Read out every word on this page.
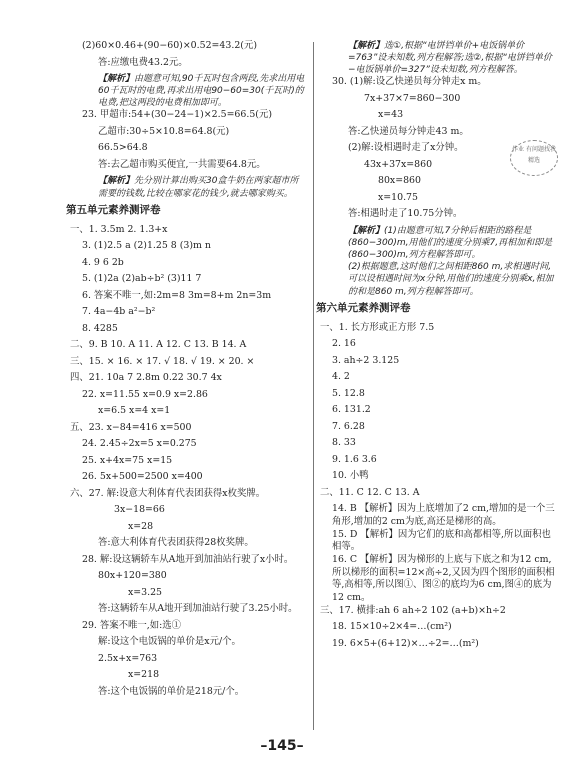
(2)60×0.46+(90−60)×0.52=43.2(元)
答:应缴电费43.2元。
【解析】由题意可知,90千瓦时包含两段,先求出用电60千瓦时的电费,再求出用电90−60=30(千瓦时)的电费,把这两段的电费相加即可。
23. 甲超市:54+(30−24−1)×2.5=66.5(元)
乙超市:30÷5×10.8=64.8(元)
66.5>64.8
答:去乙超市购买便宜,一共需要64.8元。
【解析】先分别计算出购买30盒牛奶在两家超市所需要的钱数,比较在哪家花的钱少,就去哪家购买。
第五单元素养测评卷
一、1. 3.5m 2. 1.3+x
3. (1)2.5 a (2)1.25 8 (3)m n
4. 9 6 2b
5. (1)2a (2)ab÷b² (3)11 7
6. 答案不唯一,如:2m=8 3m=8+m 2n=3m
7. 4a−4b a²−b²
8. 4285
二、9. B 10. A 11. A 12. C 13. B 14. A
三、15. × 16. × 17. √ 18. √ 19. × 20. ×
四、21. 10a 7 2.8m 0.22 30.7 4x
22. x=11.55 x=0.9 x=2.86
x=6.5 x=4 x=1
五、23. x−84=416 x=500
24. 2.45÷2x=5 x=0.275
25. x+4x=75 x=15
26. 5x+500=2500 x=400
六、27. 解:设意大利体育代表团获得x枚奖牌。
3x−18=66
x=28
答:意大利体育代表团获得28枚奖牌。
28. 解:设这辆轿车从A地开到加油站行驶了x小时。
80x+120=380
x=3.25
答:这辆轿车从A地开到加油站行驶了3.25小时。
29. 答案不唯一,如:选①
解:设这个电饭锅的单价是x元/个。
2.5x+x=763
x=218
答:这个电饭锅的单价是218元/个。
【解析】选①,根据“电饼铛单价+电饭锅单价=763”设未知数,列方程解答;选②,根据“电饼铛单价−电饭锅单价=327”设未知数,列方程解答。
30. (1)解:设乙快递员每分钟走x m。
7x+37×7=860−300
x=43
答:乙快递员每分钟走43 m。
(2)解:设相遇时走了x分钟。
43x+37x=860
80x=860
x=10.75
答:相遇时走了10.75分钟。
【解析】(1)由题意可知,7分钟后相距的路程是(860−300)m,用他们的速度分别乘7,再相加和即是(860−300)m,列方程解答即可。
(2)根据题意,这时他们之间相距860 m,求相遇时间,可以设相遇时间为x分钟,用他们的速度分别乘x,相加的和是860 m,列方程解答即可。
第六单元素养测评卷
一、1. 长方形或正方形 7.5
2. 16
3. ah÷2 3.125
4. 2
5. 12.8
6. 131.2
7. 6.28
8. 33
9. 1.6 3.6
10. 小鸭
二、11. C 12. C 13. A
14. B 【解析】因为上底增加了2 cm,增加的是一个三角形,增加的2 cm为底,高还是梯形的高。
15. D 【解析】因为它们的底和高都相等,所以面积也相等。
16. C 【解析】因为梯形的上底与下底之和为12 cm,所以梯形的面积=12×高÷2,又因为四个图形的面积相等,高相等,所以图①、图②的底均为6 cm,图④的底为12 cm。
三、17. 横排:ah 6 ah÷2 102 (a+b)×h÷2
18. 15×10÷2×4=…(cm²)
19. 6×5+(6+12)×…÷2=…(m²)
作业 有问题找我 精选
–145–
